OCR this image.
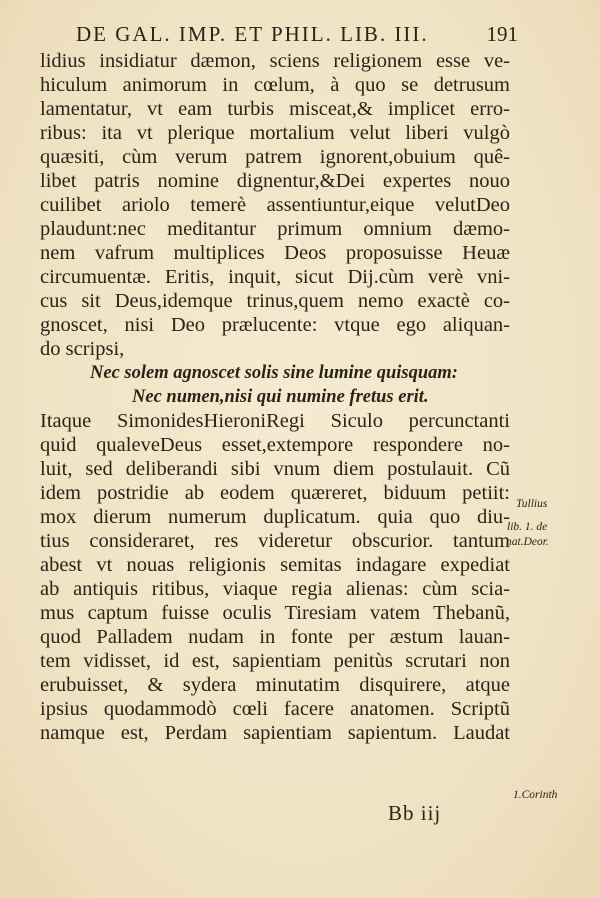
DE GAL. IMP. ET PHIL. LIB. III.	191
lidius insidiatur dæmon, sciens religionem esse ve-
hiculum animorum in cœlum, à quo se detrusum
lamentatur, vt eam turbis misceat,& implicet erro-
ribus: ita vt plerique mortalium velut liberi vulgò
quæsiti, cùm verum patrem ignorent,obuium quê-
libet patris nomine dignentur,&Dei expertes nouo
cuilibet ariolo temerè assentiuntur,eique velutDeo
plaudunt:nec meditantur primum omnium dæmo-
nem vafrum multiplices Deos proposuisse Heuæ
circumuentæ. Eritis, inquit, sicut Dij.cùm verè vni-
cus sit Deus,idemque trinus,quem nemo exactè co-
gnoscet, nisi Deo prælucente: vtque ego aliquan-
do scripsi,
Nec solem agnoscet solis sine lumine quisquam:
Nec numen,nisi qui numine fretus erit.
Itaque SimonidesHieroniRegi Siculo percunctanti
quid qualeveDeus esset,extempore respondere no-
luit, sed deliberandi sibi vnum diem postulauit. Cũ
idem postridie ab eodem quæreret, biduum petiit:
mox dierum numerum duplicatum. quia quo diu-
tius consideraret, res videretur obscurior. tantum
abest vt nouas religionis semitas indagare expediat
ab antiquis ritibus, viaque regia alienas: cùm scia-
mus captum fuisse oculis Tiresiam vatem Thebanũ,
quod Palladem nudam in fonte per æstum lauan-
tem vidisset, id est, sapientiam penitùs scrutari non
erubuisset, & sydera minutatim disquirere, atque
ipsius quodammodò cœli facere anatomen. Scriptũ
namque est, Perdam sapientiam sapientum. Laudat
Tullius
lib. 1. de
nat.Deor.
1.Corinth
Bb iij
